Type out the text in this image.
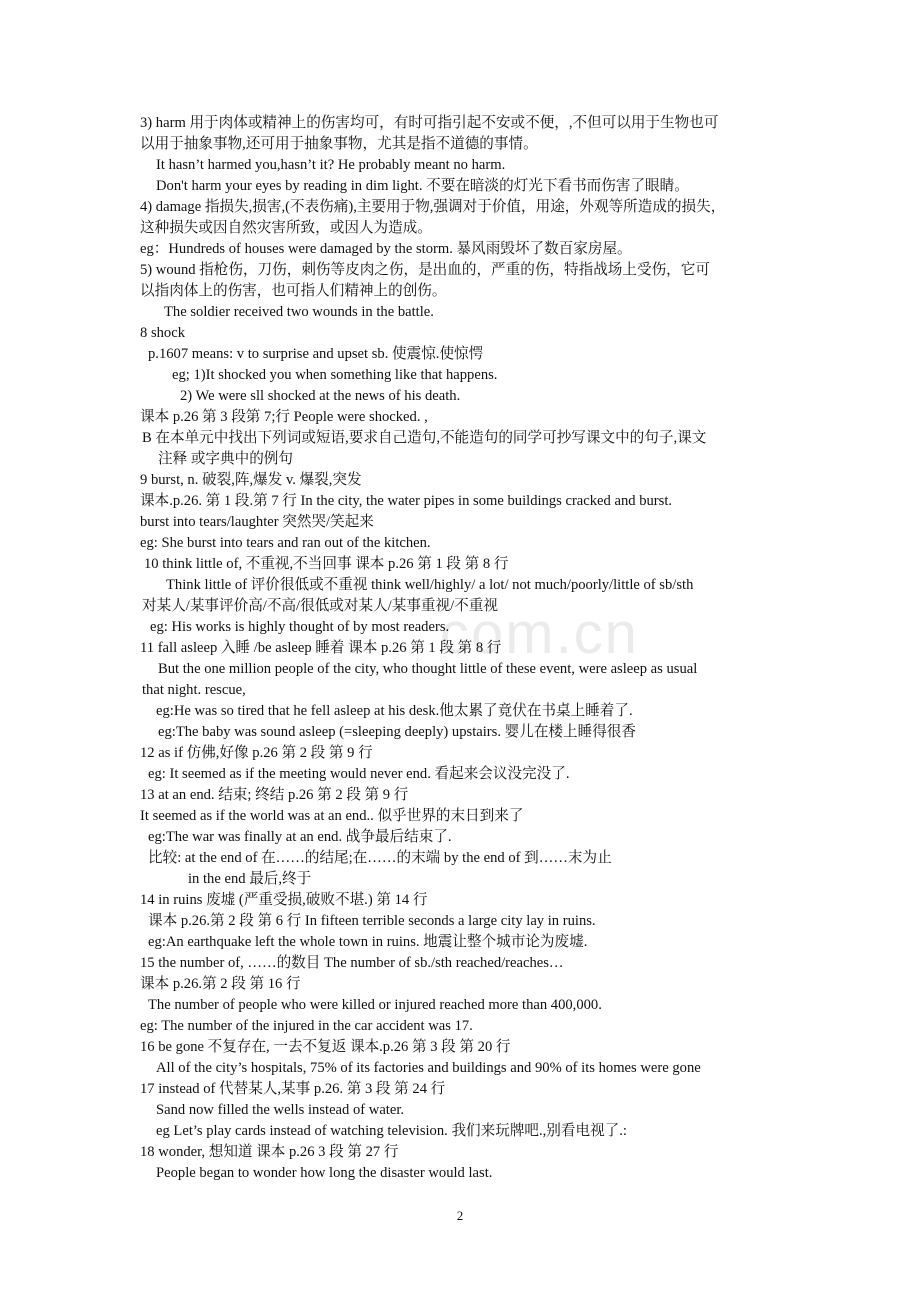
com.cn
3) harm 用于肉体或精神上的伤害均可，有时可指引起不安或不便，,不但可以用于生物也可
以用于抽象事物,还可用于抽象事物，尤其是指不道德的事情。
It hasn’t harmed you,hasn’t it? He probably meant no harm.
Don't harm your eyes by reading in dim light. 不要在暗淡的灯光下看书而伤害了眼睛。
4) damage 指损失,损害,(不表伤痛),主要用于物,强调对于价值，用途，外观等所造成的损失，
这种损失或因自然灾害所致，或因人为造成。
eg：Hundreds of houses were damaged by the storm. 暴风雨毁坏了数百家房屋。
5) wound 指枪伤，刀伤，刺伤等皮肉之伤，是出血的，严重的伤，特指战场上受伤，它可
以指肉体上的伤害，也可指人们精神上的创伤。
The soldier received two wounds in the battle.
8 shock
p.1607 means: v to surprise and upset sb. 使震惊.使惊愕
eg; 1)It shocked you when something like that happens.
2) We were sll shocked at the news of his death.
课本 p.26 第 3 段第 7;行 People were shocked. ,
B 在本单元中找出下列词或短语,要求自己造句,不能造句的同学可抄写课文中的句子,课文
注释 或字典中的例句
9 burst, n. 破裂,阵,爆发 v. 爆裂,突发
课本.p.26. 第 1 段.第 7 行 In the city, the water pipes in some buildings cracked and burst.
burst into tears/laughter 突然哭/笑起来
eg: She burst into tears and ran out of the kitchen.
10 think little of, 不重视,不当回事 课本 p.26 第 1 段 第 8 行
Think little of 评价很低或不重视 think well/highly/ a lot/ not much/poorly/little of sb/sth
对某人/某事评价高/不高/很低或对某人/某事重视/不重视
eg: His works is highly thought of by most readers.
11 fall asleep 入睡 /be asleep 睡着 课本 p.26 第 1 段 第 8 行
But the one million people of the city, who thought little of these event, were asleep as usual
that night. rescue,
eg:He was so tired that he fell asleep at his desk.他太累了竟伏在书桌上睡着了.
eg:The baby was sound asleep (=sleeping deeply) upstairs. 婴儿在楼上睡得很香
12 as if 仿佛,好像 p.26 第 2 段 第 9 行
eg: It seemed as if the meeting would never end. 看起来会议没完没了.
13 at an end. 结束; 终结 p.26 第 2 段 第 9 行
It seemed as if the world was at an end.. 似乎世界的末日到来了
eg:The war was finally at an end. 战争最后结束了.
比较: at the end of 在……的结尾;在……的末端 by the end of 到……末为止
in the end 最后,终于
14 in ruins 废墟 (严重受损,破败不堪.) 第 14 行
课本 p.26.第 2 段 第 6 行 In fifteen terrible seconds a large city lay in ruins.
eg:An earthquake left the whole town in ruins. 地震让整个城市论为废墟.
15 the number of, ……的数目 The number of sb./sth reached/reaches…
课本 p.26.第 2 段 第 16 行
The number of people who were killed or injured reached more than 400,000.
eg: The number of the injured in the car accident was 17.
16 be gone 不复存在, 一去不复返 课本.p.26 第 3 段 第 20 行
All of the city’s hospitals, 75% of its factories and buildings and 90% of its homes were gone
17 instead of 代替某人,某事 p.26. 第 3 段 第 24 行
Sand now filled the wells instead of water.
eg Let’s play cards instead of watching television. 我们来玩牌吧.,别看电视了.:
18 wonder, 想知道 课本 p.26 3 段 第 27 行
People began to wonder how long the disaster would last.
2
